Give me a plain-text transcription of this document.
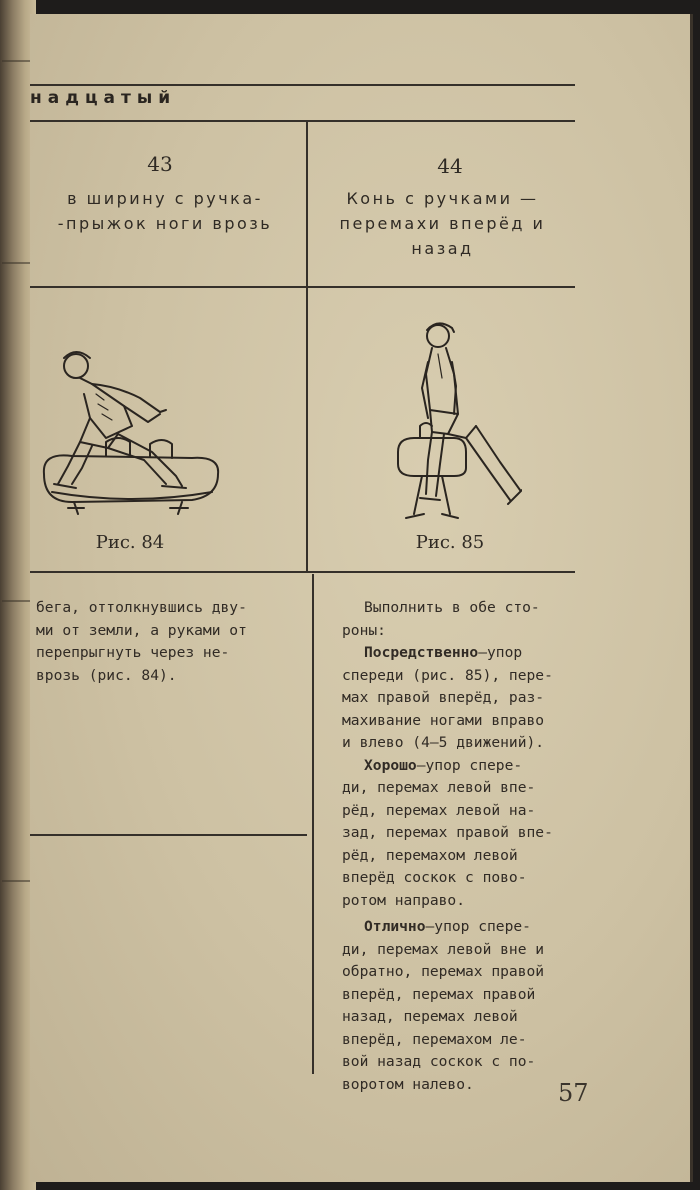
надцатый
43
в ширину с ручка-
-прыжок ноги врозь
44
Конь с ручками —
перемахи вперёд и
назад
Рис. 84	Рис. 85
бега, оттолкнувшись дву-
ми от земли, а руками от
перепрыгнуть через не-
врозь (рис. 84).
Выполнить в обе сто-
роны:
Посредственно—упор
спереди (рис. 85), пере-
мах правой вперёд, раз-
махивание ногами вправо
и влево (4—5 движений).
Хорошо—упор спере-
ди, перемах левой впе-
рёд, перемах левой на-
зад, перемах правой впе-
рёд, перемахом левой
вперёд соскок с пово-
ротом направо.
Отлично—упор спере-
ди, перемах левой вне и
обратно, перемах правой
вперёд, перемах правой
назад, перемах левой
вперёд, перемахом ле-
вой назад соскок с по-
воротом налево.	57
